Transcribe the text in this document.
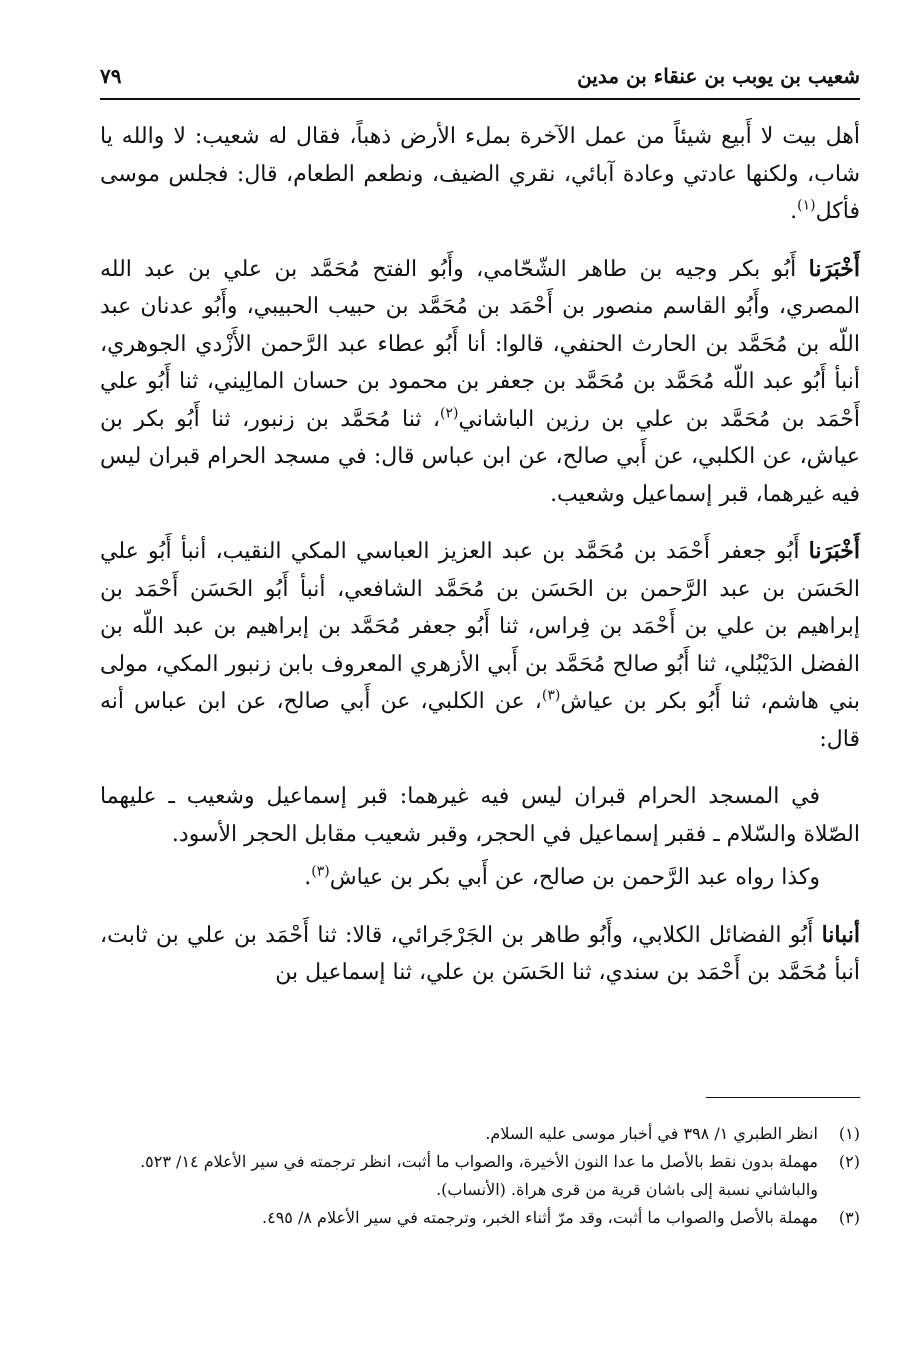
شعيب بن يوبب بن عنقاء بن مدين
٧٩

أهل بيت لا أَبيع شيئاً من عمل الآخرة بملء الأرض ذهباً، فقال له شعيب: لا والله يا شاب، ولكنها عادتي وعادة آبائي، نقري الضيف، ونطعم الطعام، قال: فجلس موسى فأكل$^{(١)}$.

أَخْبَرَنا أَبُو بكر وجيه بن طاهر الشّحّامي، وأَبُو الفتح مُحَمَّد بن علي بن عبد الله المصري، وأَبُو القاسم منصور بن أَحْمَد بن مُحَمَّد بن حبيب الحبيبي، وأَبُو عدنان عبد اللّه بن مُحَمَّد بن الحارث الحنفي، قالوا: أنا أَبُو عطاء عبد الرَّحمن الأَزْدي الجوهري، أنبأ أَبُو عبد اللّه مُحَمَّد بن مُحَمَّد بن جعفر بن محمود بن حسان المالِيني، ثنا أَبُو علي أَحْمَد بن مُحَمَّد بن علي بن رزين الباشاني$^{(٢)}$، ثنا مُحَمَّد بن زنبور، ثنا أَبُو بكر بن عياش، عن الكلبي، عن أَبي صالح، عن ابن عباس قال: في مسجد الحرام قبران ليس فيه غيرهما، قبر إسماعيل وشعيب.

أَخْبَرَنا أَبُو جعفر أَحْمَد بن مُحَمَّد بن عبد العزيز العباسي المكي النقيب، أنبأ أَبُو علي الحَسَن بن عبد الرَّحمن بن الحَسَن بن مُحَمَّد الشافعي، أنبأ أَبُو الحَسَن أَحْمَد بن إبراهيم بن علي بن أَحْمَد بن فِراس، ثنا أَبُو جعفر مُحَمَّد بن إبراهيم بن عبد اللّه بن الفضل الدَيْبُلي، ثنا أَبُو صالح مُحَمَّد بن أَبي الأزهري المعروف بابن زنبور المكي، مولى بني هاشم، ثنا أَبُو بكر بن عياش$^{(٣)}$، عن الكلبي، عن أَبي صالح، عن ابن عباس أنه قال:

في المسجد الحرام قبران ليس فيه غيرهما: قبر إسماعيل وشعيب ـ عليهما الصّلاة والسّلام ـ فقبر إسماعيل في الحجر، وقبر شعيب مقابل الحجر الأسود.

وكذا رواه عبد الرَّحمن بن صالح، عن أَبي بكر بن عياش$^{(٣)}$.

أنبانا أَبُو الفضائل الكلابي، وأَبُو طاهر بن الجَرْجَرائي، قالا: ثنا أَحْمَد بن علي بن ثابت، أنبأ مُحَمَّد بن أَحْمَد بن سندي، ثنا الحَسَن بن علي، ثنا إسماعيل بن

(١)
انظر الطبري ١/ ٣٩٨ في أخبار موسى عليه السلام.
(٢)
مهملة بدون نقط بالأصل ما عدا النون الأخيرة، والصواب ما أثبت، انظر ترجمته في سير الأعلام ١٤/ ٥٢٣.
والباشاني نسبة إلى باشان قرية من قرى هراة. (الأنساب).
(٣)
مهملة بالأصل والصواب ما أثبت، وقد مرّ أثناء الخبر، وترجمته في سير الأعلام ٨/ ٤٩٥.
